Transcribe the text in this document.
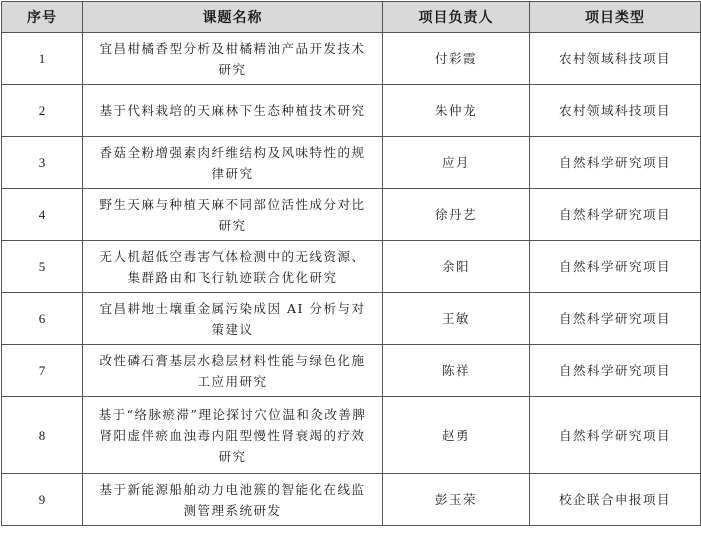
序号	课题名称	项目负责人	项目类型
1	宜昌柑橘香型分析及柑橘精油产品开发技术研究	付彩霞	农村领域科技项目
2	基于代料栽培的天麻林下生态种植技术研究	朱仲龙	农村领域科技项目
3	香菇全粉增强素肉纤维结构及风味特性的规律研究	应月	自然科学研究项目
4	野生天麻与种植天麻不同部位活性成分对比研究	徐丹艺	自然科学研究项目
5	无人机超低空毒害气体检测中的无线资源、集群路由和飞行轨迹联合优化研究	余阳	自然科学研究项目
6	宜昌耕地土壤重金属污染成因 AI 分析与对策建议	王敏	自然科学研究项目
7	改性磷石膏基层水稳层材料性能与绿色化施工应用研究	陈祥	自然科学研究项目
8	基于“络脉瘀滞”理论探讨穴位温和灸改善脾肾阳虚伴瘀血浊毒内阻型慢性肾衰竭的疗效研究	赵勇	自然科学研究项目
9	基于新能源船舶动力电池簇的智能化在线监测管理系统研发	彭玉荣	校企联合申报项目
